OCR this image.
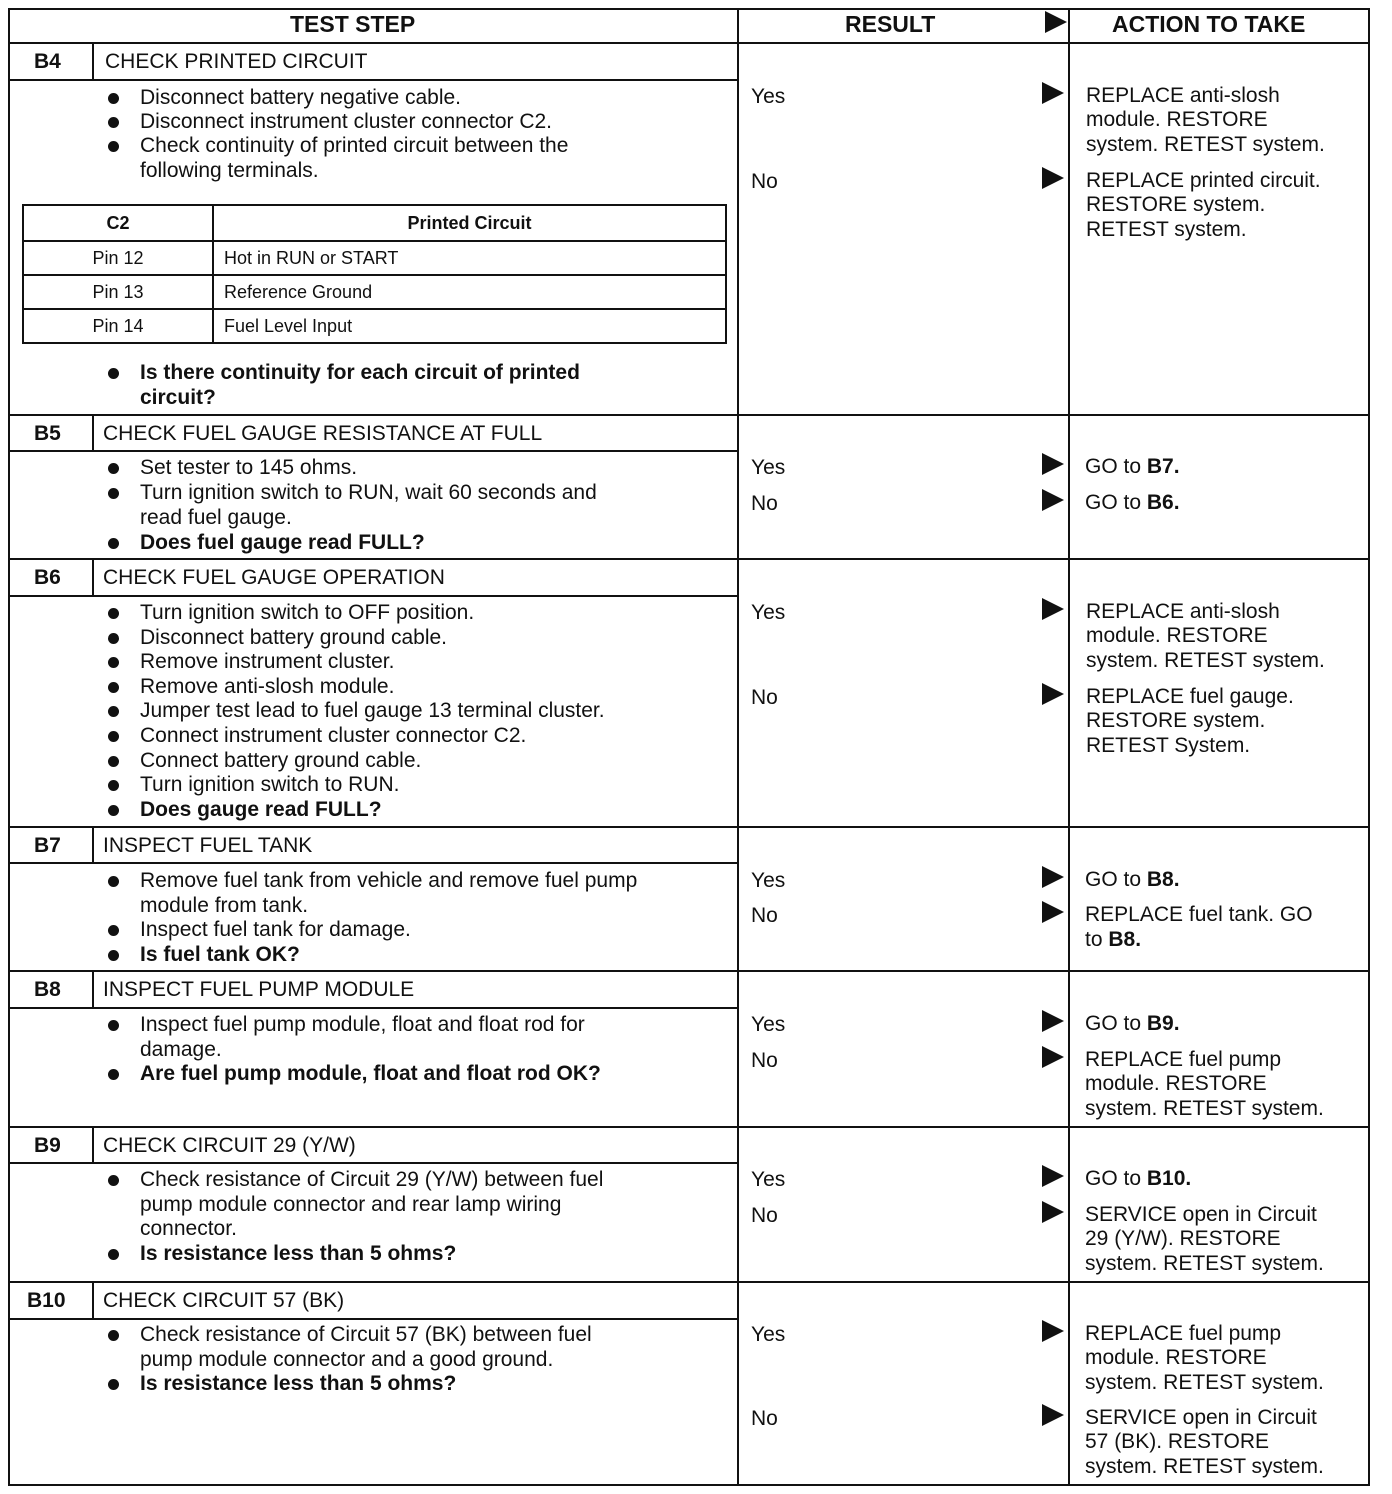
TEST STEP	RESULT	ACTION TO TAKE
B4 CHECK PRINTED CIRCUIT
Disconnect battery negative cable.
Disconnect instrument cluster connector C2.
Check continuity of printed circuit between the
following terminals.
C2	Printed Circuit
Pin 12	Hot in RUN or START
Pin 13	Reference Ground
Pin 14	Fuel Level Input
Is there continuity for each circuit of printed
circuit?
Yes	REPLACE anti-slosh
module. RESTORE
system. RETEST system.
No	REPLACE printed circuit.
RESTORE system.
RETEST system.
B5 CHECK FUEL GAUGE RESISTANCE AT FULL
Set tester to 145 ohms.
Turn ignition switch to RUN, wait 60 seconds and
read fuel gauge.
Does fuel gauge read FULL?
Yes	GO to B7.
No	GO to B6.
B6 CHECK FUEL GAUGE OPERATION
Turn ignition switch to OFF position.
Disconnect battery ground cable.
Remove instrument cluster.
Remove anti-slosh module.
Jumper test lead to fuel gauge 13 terminal cluster.
Connect instrument cluster connector C2.
Connect battery ground cable.
Turn ignition switch to RUN.
Does gauge read FULL?
Yes	REPLACE anti-slosh
module. RESTORE
system. RETEST system.
No	REPLACE fuel gauge.
RESTORE system.
RETEST System.
B7 INSPECT FUEL TANK
Remove fuel tank from vehicle and remove fuel pump
module from tank.
Inspect fuel tank for damage.
Is fuel tank OK?
Yes	GO to B8.
No	REPLACE fuel tank. GO
to B8.
B8 INSPECT FUEL PUMP MODULE
Inspect fuel pump module, float and float rod for
damage.
Are fuel pump module, float and float rod OK?
Yes	GO to B9.
No	REPLACE fuel pump
module. RESTORE
system. RETEST system.
B9 CHECK CIRCUIT 29 (Y/W)
Check resistance of Circuit 29 (Y/W) between fuel
pump module connector and rear lamp wiring
connector.
Is resistance less than 5 ohms?
Yes	GO to B10.
No	SERVICE open in Circuit
29 (Y/W). RESTORE
system. RETEST system.
B10 CHECK CIRCUIT 57 (BK)
Check resistance of Circuit 57 (BK) between fuel
pump module connector and a good ground.
Is resistance less than 5 ohms?
Yes	REPLACE fuel pump
module. RESTORE
system. RETEST system.
No	SERVICE open in Circuit
57 (BK). RESTORE
system. RETEST system.
